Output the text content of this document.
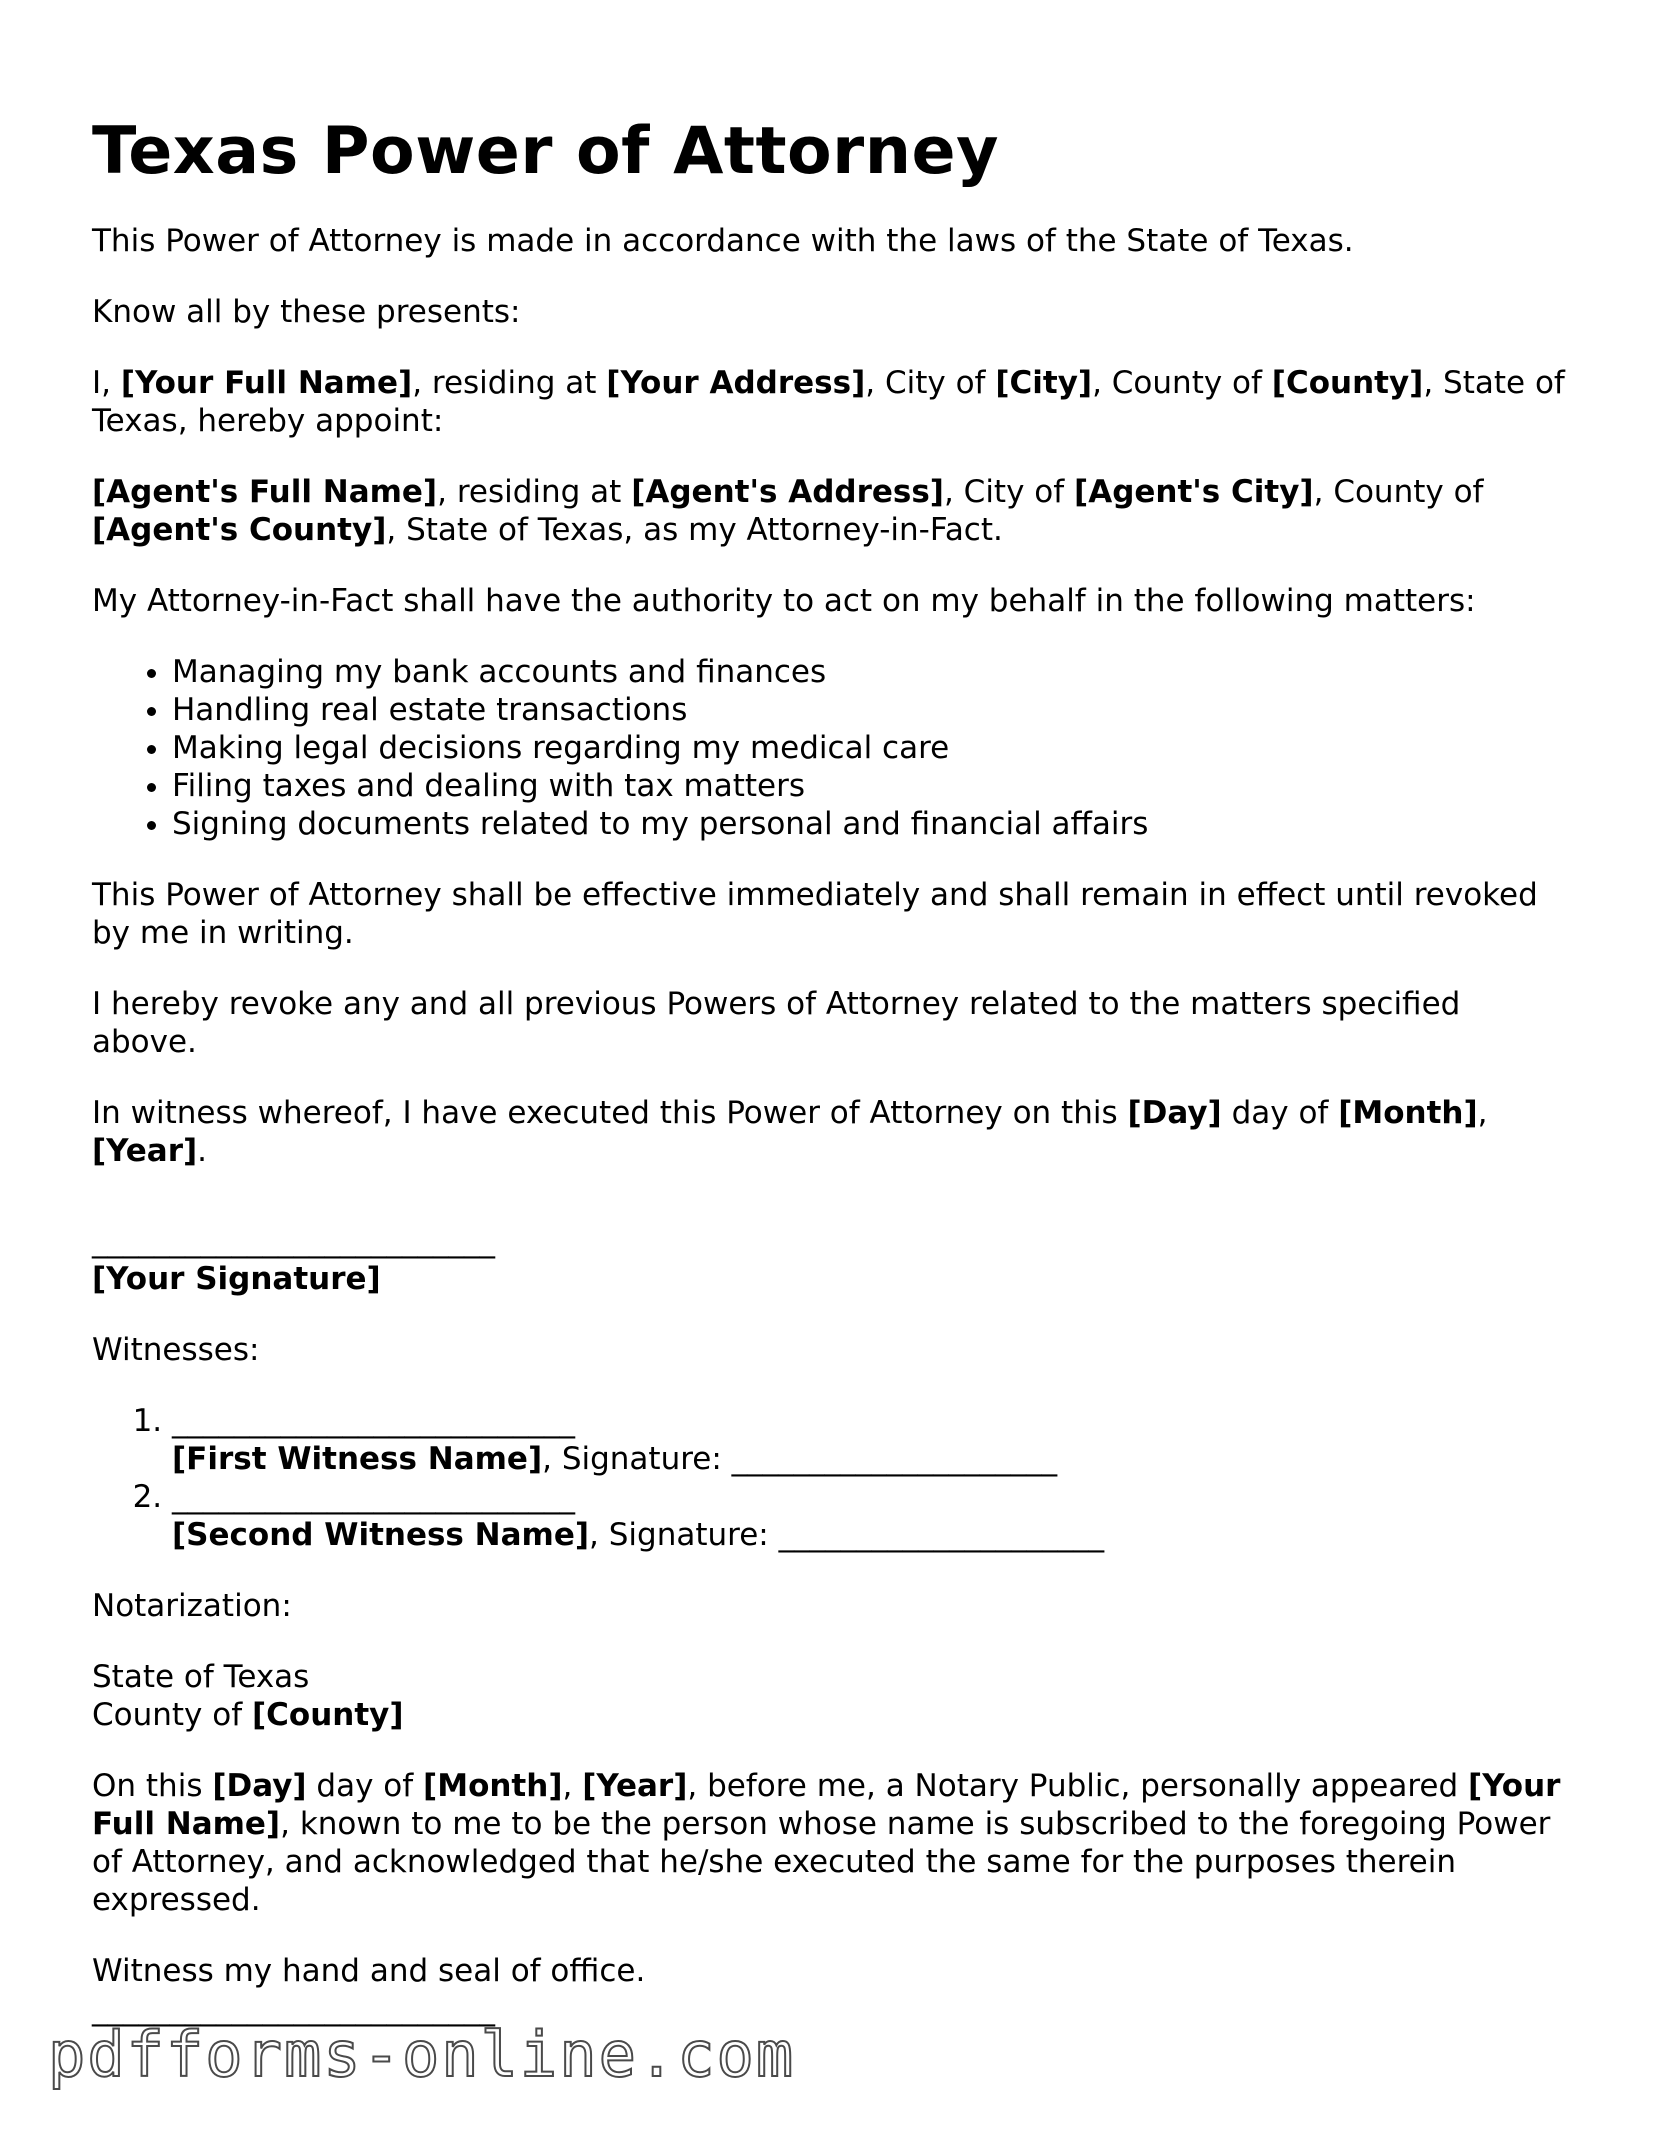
Texas Power of Attorney

This Power of Attorney is made in accordance with the laws of the State of Texas.

Know all by these presents:

I, [Your Full Name], residing at [Your Address], City of [City], County of [County], State of Texas, hereby appoint:

[Agent's Full Name], residing at [Agent's Address], City of [Agent's City], County of [Agent's County], State of Texas, as my Attorney-in-Fact.

My Attorney-in-Fact shall have the authority to act on my behalf in the following matters:

• Managing my bank accounts and finances
• Handling real estate transactions
• Making legal decisions regarding my medical care
• Filing taxes and dealing with tax matters
• Signing documents related to my personal and financial affairs

This Power of Attorney shall be effective immediately and shall remain in effect until revoked by me in writing.

I hereby revoke any and all previous Powers of Attorney related to the matters specified above.

In witness whereof, I have executed this Power of Attorney on this [Day] day of [Month], [Year].

__________________________
[Your Signature]

Witnesses:

1. __________________________
[First Witness Name], Signature: _____________________
2. __________________________
[Second Witness Name], Signature: _____________________

Notarization:

State of Texas
County of [County]

On this [Day] day of [Month], [Year], before me, a Notary Public, personally appeared [Your Full Name], known to me to be the person whose name is subscribed to the foregoing Power of Attorney, and acknowledged that he/she executed the same for the purposes therein expressed.

Witness my hand and seal of office.
__________________________

pdfforms-online.com
